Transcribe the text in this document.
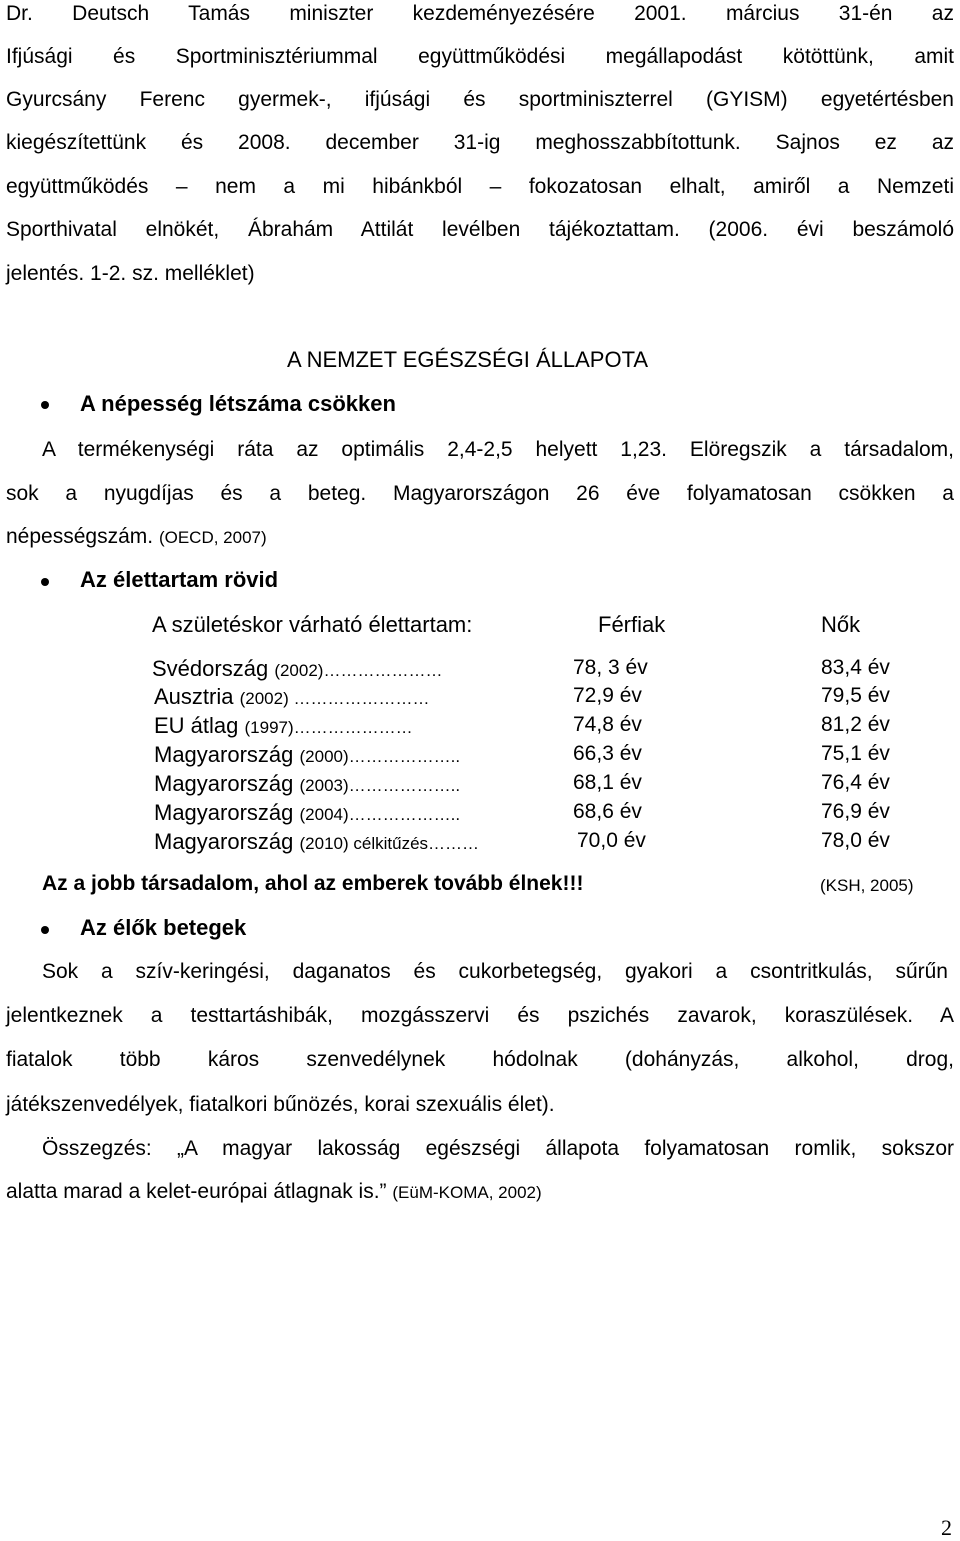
Dr. Deutsch Tamás miniszter kezdeményezésére 2001. március 31-én az
Ifjúsági és Sportminisztériummal együttműködési megállapodást kötöttünk, amit
Gyurcsány Ferenc gyermek-, ifjúsági és sportminiszterrel (GYISM) egyetértésben
kiegészítettünk és 2008. december 31-ig meghosszabbítottunk. Sajnos ez az
együttműködés – nem a mi hibánkból – fokozatosan elhalt, amiről a Nemzeti
Sporthivatal elnökét, Ábrahám Attilát levélben tájékoztattam. (2006. évi beszámoló
jelentés. 1-2. sz. melléklet)
A NEMZET EGÉSZSÉGI ÁLLAPOTA
A népesség létszáma csökken
A termékenységi ráta az optimális 2,4-2,5 helyett 1,23. Elöregszik a társadalom,
sok a nyugdíjas és a beteg. Magyarországon 26 éve folyamatosan csökken a
népességszám. (OECD, 2007)
Az élettartam rövid
A születéskor várható élettartam:	Férfiak	Nők
Svédország (2002)…………………	78, 3 év	83,4 év
Ausztria (2002) ……………………	72,9 év	79,5 év
EU átlag (1997)…………………	74,8 év	81,2 év
Magyarország (2000)………………..	66,3 év	75,1 év
Magyarország (2003)………………..	68,1 év	76,4 év
Magyarország (2004)………………..	68,6 év	76,9 év
Magyarország (2010) célkitűzés………	70,0 év	78,0 év
Az a jobb társadalom, ahol az emberek tovább élnek!!!	(KSH, 2005)
Az élők betegek
Sok a szív-keringési, daganatos és cukorbetegség, gyakori a csontritkulás, sűrűn
jelentkeznek a testtartáshibák, mozgásszervi és pszichés zavarok, koraszülések. A
fiatalok több káros szenvedélynek hódolnak (dohányzás, alkohol, drog,
játékszenvedélyek, fiatalkori bűnözés, korai szexuális élet).
Összegzés: „A magyar lakosság egészségi állapota folyamatosan romlik, sokszor
alatta marad a kelet-európai átlagnak is.” (EüM-KOMA, 2002)
2
